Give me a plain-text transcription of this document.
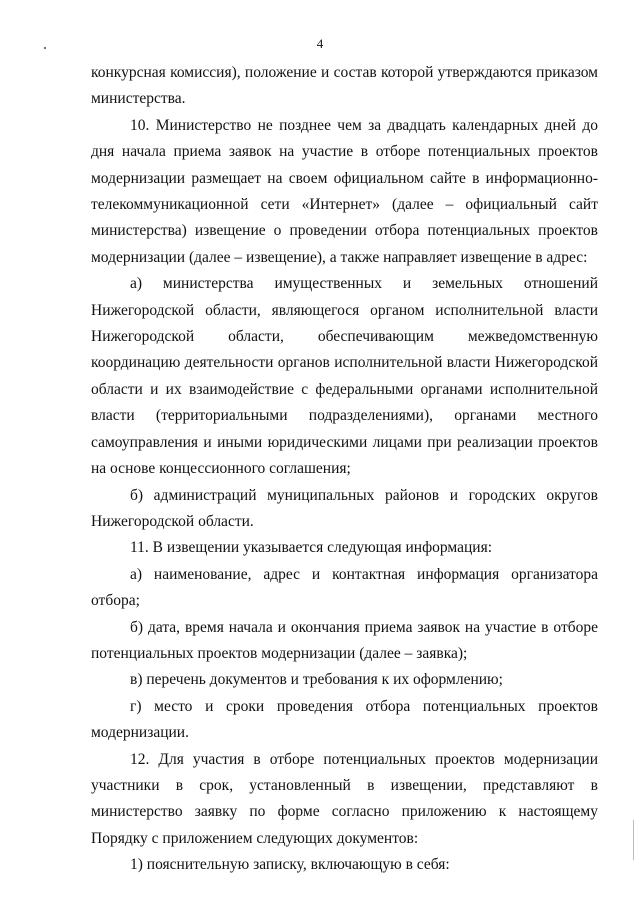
4

конкурсная комиссия), положение и состав которой утверждаются приказом министерства.

10. Министерство не позднее чем за двадцать календарных дней до дня начала приема заявок на участие в отборе потенциальных проектов модернизации размещает на своем официальном сайте в информационно-телекоммуникационной сети «Интернет» (далее – официальный сайт министерства) извещение о проведении отбора потенциальных проектов модернизации (далее – извещение), а также направляет извещение в адрес:

а) министерства имущественных и земельных отношений Нижегородской области, являющегося органом исполнительной власти Нижегородской области, обеспечивающим межведомственную координацию деятельности органов исполнительной власти Нижегородской области и их взаимодействие с федеральными органами исполнительной власти (территориальными подразделениями), органами местного самоуправления и иными юридическими лицами при реализации проектов на основе концессионного соглашения;

б) администраций муниципальных районов и городских округов Нижегородской области.

11. В извещении указывается следующая информация:

а) наименование, адрес и контактная информация организатора отбора;

б) дата, время начала и окончания приема заявок на участие в отборе потенциальных проектов модернизации (далее – заявка);

в) перечень документов и требования к их оформлению;

г) место и сроки проведения отбора потенциальных проектов модернизации.

12. Для участия в отборе потенциальных проектов модернизации участники в срок, установленный в извещении, представляют в министерство заявку по форме согласно приложению к настоящему Порядку с приложением следующих документов:

1) пояснительную записку, включающую в себя:
